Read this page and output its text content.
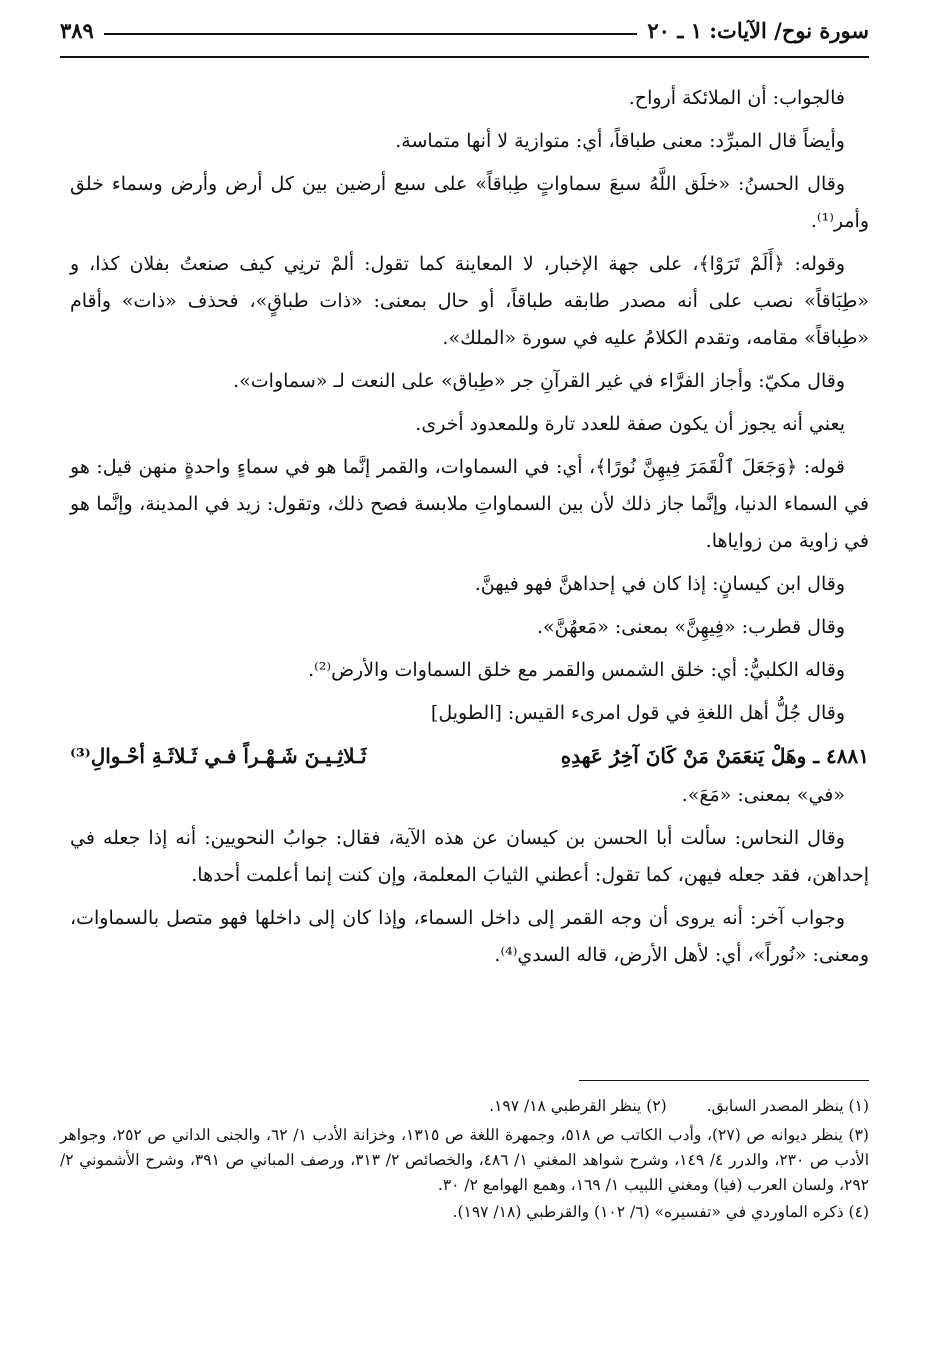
سورة نوح/ الآيات: ١ ـ ٢٠
٣٨٩

فالجواب: أن الملائكة أرواح.

وأيضاً قال المبرِّد: معنى طباقاً، أي: متوازية لا أنها متماسة.

وقال الحسنُ: «خلَق اللَّهُ سبعَ سماواتٍ طِباقاً» على سبع أرضين بين كل أرض وأرض وسماء خلق وأمر⁽¹⁾.

وقوله: ﴿أَلَمْ تَرَوْا﴾، على جهة الإخبار، لا المعاينة كما تقول: ألمْ ترنِي كيف صنعتُ بفلان كذا، و «طِبَاقاً» نصب على أنه مصدر طابقه طباقاً، أو حال بمعنى: «ذات طباقٍ»، فحذف «ذات» وأقام «طِباقاً» مقامه، وتقدم الكلامُ عليه في سورة «الملك».

وقال مكيّ: وأجاز الفرَّاء في غير القرآنِ جر «طِباق» على النعت لـ «سماوات».

يعني أنه يجوز أن يكون صفة للعدد تارة وللمعدود أخرى.

قوله: ﴿وَجَعَلَ ٱلْقَمَرَ فِيهِنَّ نُورًا﴾، أي: في السماوات، والقمر إنَّما هو في سماءٍ واحدةٍ منهن قيل: هو في السماء الدنيا، وإنَّما جاز ذلك لأن بين السماواتِ ملابسة فصح ذلك، وتقول: زيد في المدينة، وإنَّما هو في زاوية من زواياها.

وقال ابن كيسانٍ: إذا كان في إحداهنَّ فهو فيهنَّ.

وقال قطرب: «فِيهِنَّ» بمعنى: «مَعهُنَّ».

وقاله الكلبيُّ: أي: خلق الشمس والقمر مع خلق السماوات والأرض⁽²⁾.

وقال جُلُّ أهل اللغةِ في قول امرىء القيس: [الطويل]

٤٨٨١ ـ وهَلْ يَنعَمَنْ مَنْ كَانَ آخِرُ عَهدِهِ
ثَـلاثِـيـنَ شَـهْـراً فـي ثَـلاثَـةِ أحْـوالِ⁽³⁾

«في» بمعنى: «مَعَ».

وقال النحاس: سألت أبا الحسن بن كيسان عن هذه الآية، فقال: جوابُ النحويين: أنه إذا جعله في إحداهن، فقد جعله فيهن، كما تقول: أعطني الثيابَ المعلمة، وإن كنت إنما أعلمت أحدها.

وجواب آخر: أنه يروى أن وجه القمر إلى داخل السماء، وإذا كان إلى داخلها فهو متصل بالسماوات، ومعنى: «نُوراً»، أي: لأهل الأرض، قاله السدي⁽⁴⁾.

(١) ينظر المصدر السابق.
(٢) ينظر القرطبي ١٨/ ١٩٧.

(٣) ينظر ديوانه ص (٢٧)، وأدب الكاتب ص ٥١٨، وجمهرة اللغة ص ١٣١٥، وخزانة الأدب ١/ ٦٢، والجنى الداني ص ٢٥٢، وجواهر الأدب ص ٢٣٠، والدرر ٤/ ١٤٩، وشرح شواهد المغني ١/ ٤٨٦، والخصائص ٢/ ٣١٣، ورصف المباني ص ٣٩١، وشرح الأشموني ٢/ ٢٩٢، ولسان العرب (فيا) ومغني اللبيب ١/ ١٦٩، وهمع الهوامع ٢/ ٣٠.

(٤) ذكره الماوردي في «تفسيره» (٦/ ١٠٢) والقرطبي (١٨/ ١٩٧).
